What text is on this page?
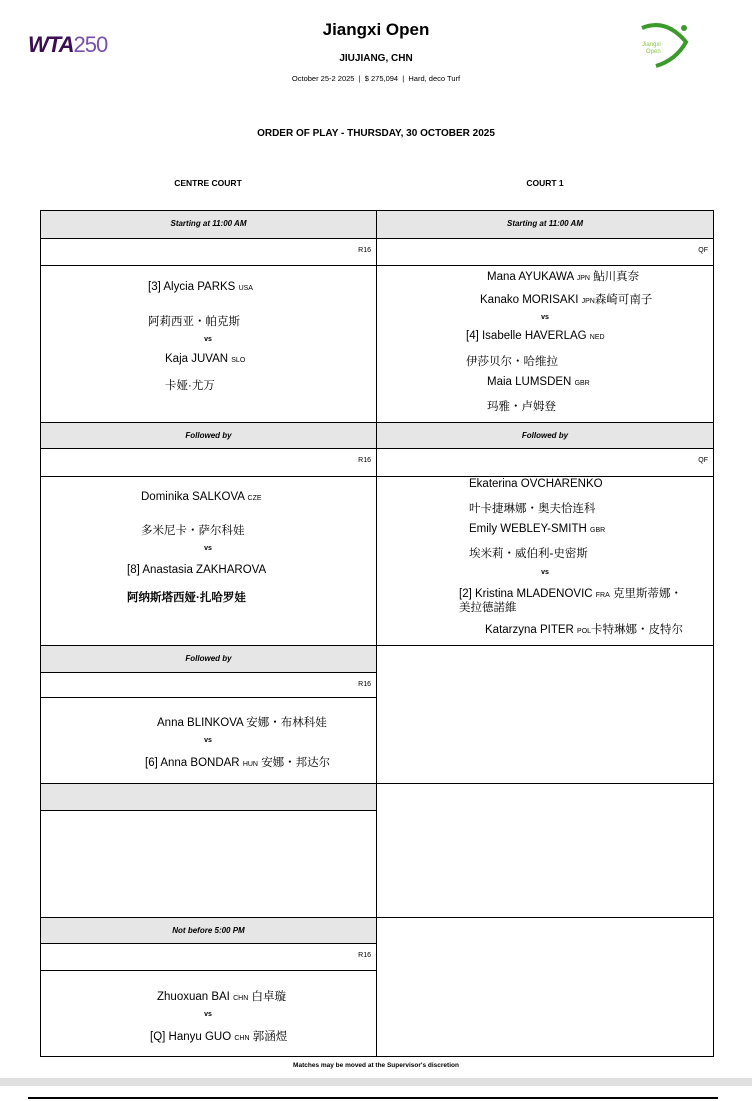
WTA250	Jiangxi
Open
Jiangxi Open
JIUJIANG, CHN
October 25-2 2025  |  $ 275,094  |  Hard, deco Turf
ORDER OF PLAY - THURSDAY, 30 OCTOBER 2025
CENTRE COURT	COURT 1
Starting at 11:00 AM
R16
Followed by
R16
Followed by
R16
Not before 5:00 PM
R16
Starting at 11:00 AM
QF
Followed by
QF
[3] Alycia PARKS USA
阿莉西亚・帕克斯
vs
Kaja JUVAN SLO
卡娅·尤万
Dominika SALKOVA CZE
多米尼卡・萨尔科娃
vs
[8] Anastasia ZAKHAROVA
阿纳斯塔西娅·扎哈罗娃
Anna BLINKOVA 安娜・布林科娃
vs
[6] Anna BONDAR HUN 安娜・邦达尔
Zhuoxuan BAI CHN 白卓璇
vs
[Q] Hanyu GUO CHN 郭涵煜
Mana AYUKAWA JPN 鮎川真奈
Kanako MORISAKI JPN森崎可南子
vs
[4] Isabelle HAVERLAG NED
伊莎贝尔・哈维拉
Maia LUMSDEN GBR
玛雅・卢姆登
Ekaterina OVCHARENKO
叶卡捷琳娜・奥夫恰连科
Emily WEBLEY-SMITH GBR
埃米莉・威伯利-史密斯
vs
[2] Kristina MLADENOVIC FRA 克里斯蒂娜・
美拉德諾維
Katarzyna PITER POL卡特琳娜・皮特尔
Matches may be moved at the Supervisor's discretion
